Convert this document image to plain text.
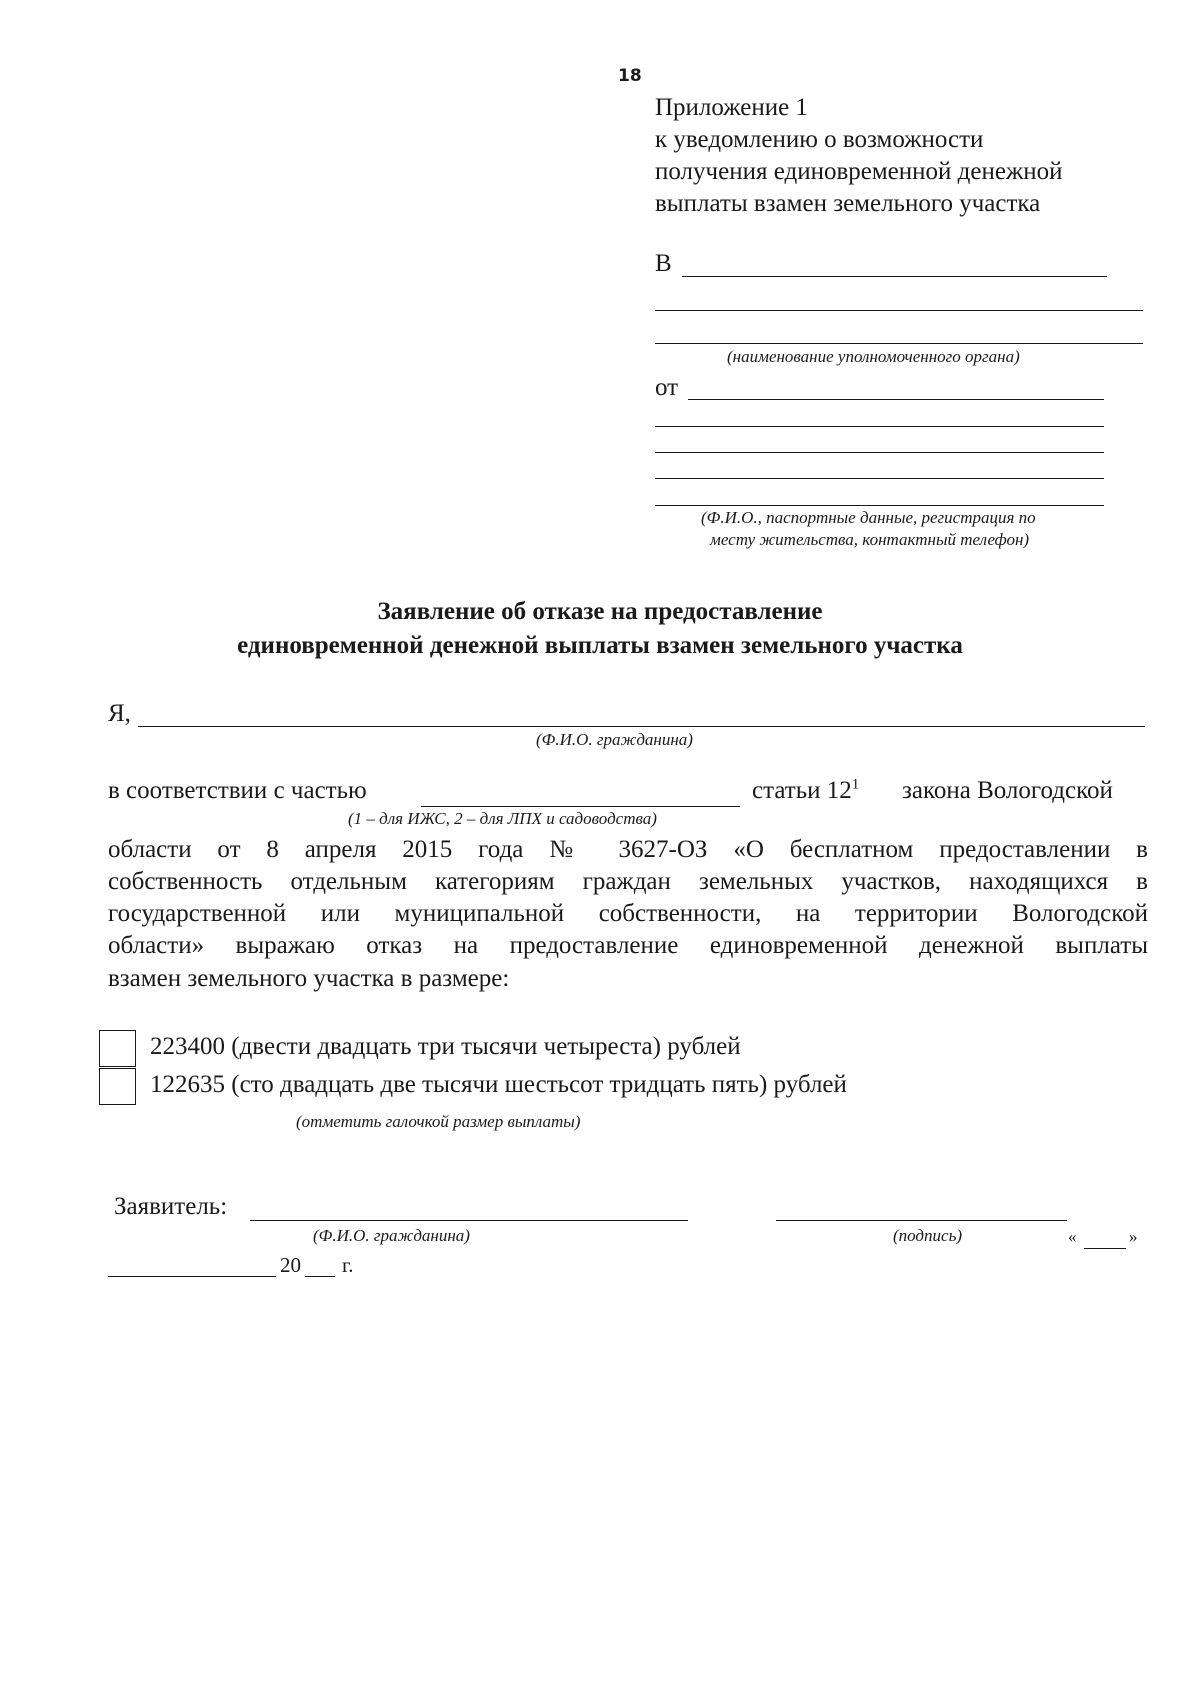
18
Приложение 1
к уведомлению о возможности
получения единовременной денежной
выплаты взамен земельного участка
В
(наименование уполномоченного органа)
от
(Ф.И.О., паспортные данные, регистрация по
месту жительства, контактный телефон)
Заявление об отказе на предоставление
единовременной денежной выплаты взамен земельного участка
Я,
(Ф.И.О. гражданина)
в соответствии с частью	статьи $12^1$ закона Вологодской
(1 – для ИЖС, 2 – для ЛПХ и садоводства)
области от 8 апреля 2015 года № 3627-ОЗ «О бесплатном предоставлении в
собственность отдельным категориям граждан земельных участков, находящихся в
государственной или муниципальной собственности, на территории Вологодской
области» выражаю отказ на предоставление единовременной денежной выплаты
взамен земельного участка в размере:
223400 (двести двадцать три тысячи четыреста) рублей
122635 (сто двадцать две тысячи шестьсот тридцать пять) рублей
(отметить галочкой размер выплаты)
Заявитель:
(Ф.И.О. гражданина)	(подпись)	«	»
20 г.
